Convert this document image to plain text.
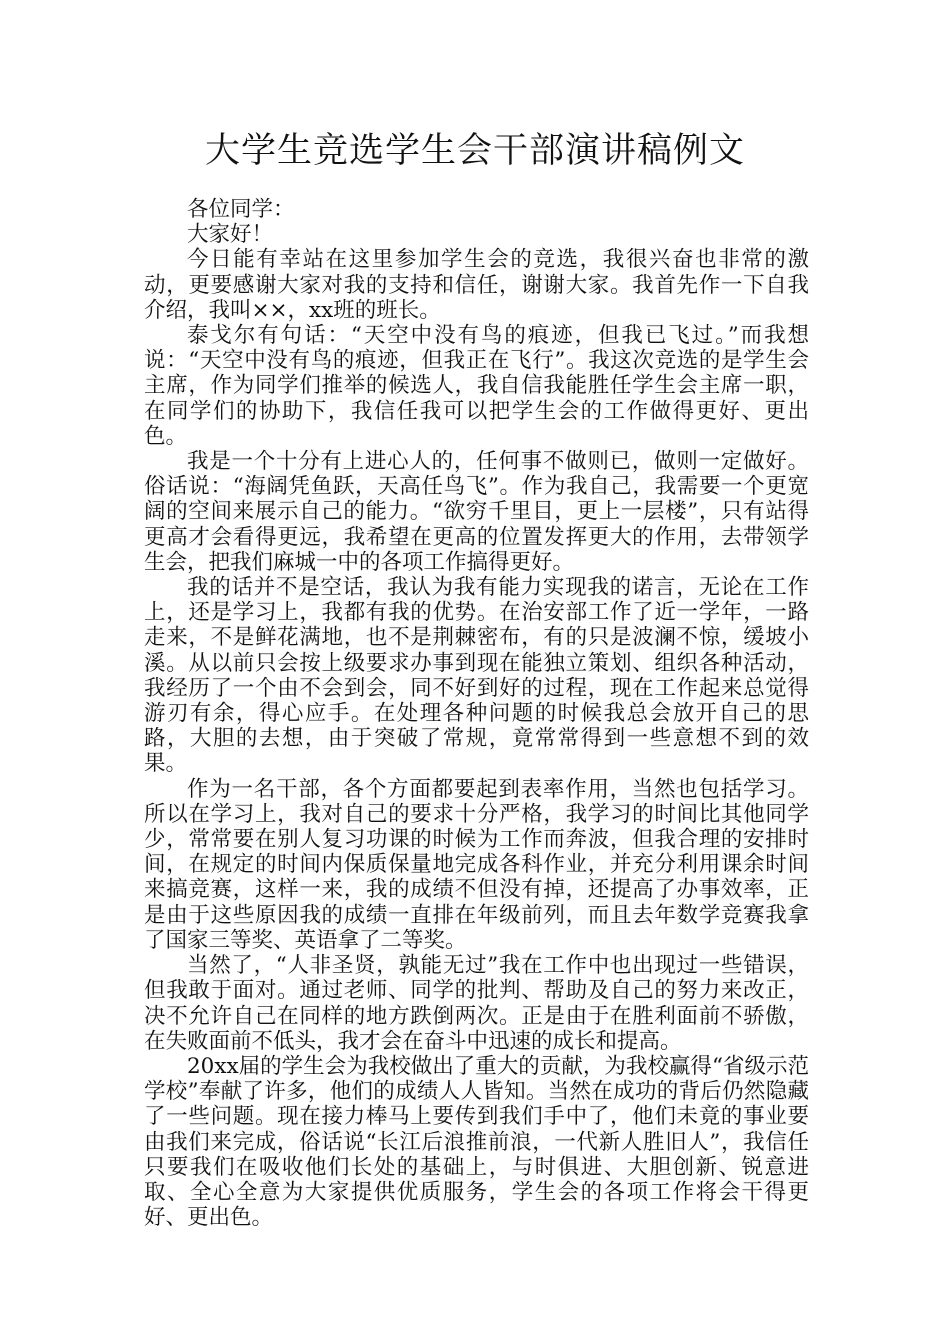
大学生竞选学生会干部演讲稿例文

各位同学：

大家好！

今日能有幸站在这里参加学生会的竞选，我很兴奋也非常的激动，更要感谢大家对我的支持和信任，谢谢大家。我首先作一下自我介绍，我叫××，xx班的班长。

泰戈尔有句话：“天空中没有鸟的痕迹，但我已飞过。”而我想说：“天空中没有鸟的痕迹，但我正在飞行”。我这次竞选的是学生会主席，作为同学们推举的候选人，我自信我能胜任学生会主席一职，在同学们的协助下，我信任我可以把学生会的工作做得更好、更出色。

我是一个十分有上进心人的，任何事不做则已，做则一定做好。俗话说：“海阔凭鱼跃，天高任鸟飞”。作为我自己，我需要一个更宽阔的空间来展示自己的能力。“欲穷千里目，更上一层楼”，只有站得更高才会看得更远，我希望在更高的位置发挥更大的作用，去带领学生会，把我们麻城一中的各项工作搞得更好。

我的话并不是空话，我认为我有能力实现我的诺言，无论在工作上，还是学习上，我都有我的优势。在治安部工作了近一学年，一路走来，不是鲜花满地，也不是荆棘密布，有的只是波澜不惊，缓坡小溪。从以前只会按上级要求办事到现在能独立策划、组织各种活动，我经历了一个由不会到会，同不好到好的过程，现在工作起来总觉得游刃有余，得心应手。在处理各种问题的时候我总会放开自己的思路，大胆的去想，由于突破了常规，竟常常得到一些意想不到的效果。

作为一名干部，各个方面都要起到表率作用，当然也包括学习。所以在学习上，我对自己的要求十分严格，我学习的时间比其他同学少，常常要在别人复习功课的时候为工作而奔波，但我合理的安排时间，在规定的时间内保质保量地完成各科作业，并充分利用课余时间来搞竞赛，这样一来，我的成绩不但没有掉，还提高了办事效率，正是由于这些原因我的成绩一直排在年级前列，而且去年数学竞赛我拿了国家三等奖、英语拿了二等奖。

当然了，“人非圣贤，孰能无过”我在工作中也出现过一些错误，但我敢于面对。通过老师、同学的批判、帮助及自己的努力来改正，决不允许自己在同样的地方跌倒两次。正是由于在胜利面前不骄傲，在失败面前不低头，我才会在奋斗中迅速的成长和提高。

20xx届的学生会为我校做出了重大的贡献，为我校赢得“省级示范学校”奉献了许多，他们的成绩人人皆知。当然在成功的背后仍然隐藏了一些问题。现在接力棒马上要传到我们手中了，他们未竟的事业要由我们来完成，俗话说“长江后浪推前浪，一代新人胜旧人”，我信任只要我们在吸收他们长处的基础上，与时俱进、大胆创新、锐意进取、全心全意为大家提供优质服务，学生会的各项工作将会干得更好、更出色。
